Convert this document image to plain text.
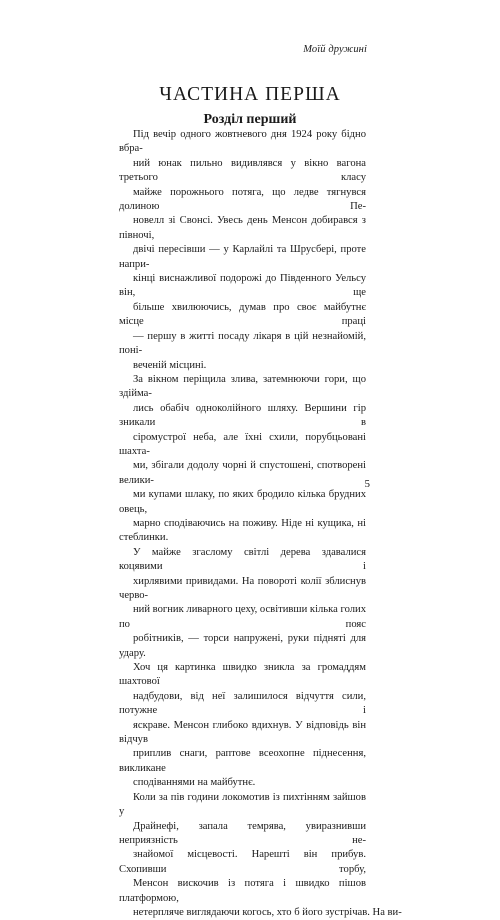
Моїй дружині
ЧАСТИНА ПЕРША
Розділ перший

Під вечір одного жовтневого дня 1924 року бідно вбра-
ний юнак пильно видивлявся у вікно вагона третього класу
майже порожнього потяга, що ледве тягнувся долиною Пе-
новелл зі Свонсі. Увесь день Менсон добирався з півночі,
двічі пересівши — у Карлайлі та Шрусбері, проте напри-
кінці виснажливої подорожі до Південного Уельсу він, ще
більше хвилюючись, думав про своє майбутнє місце праці
— першу в житті посаду лікаря в цій незнайомій, поні-
веченій місцині.

За вікном періщила злива, затемнюючи гори, що здійма-
лись обабіч одноколійного шляху. Вершини гір зникали в
сіромустрої неба, але їхні схили, порубцьовані шахта-
ми, збігали додолу чорні й спустошені, спотворені велики-
ми купами шлаку, по яких бродило кілька брудних овець,
марно сподіваючись на поживу. Ніде ні кущика, ні стеблинки.
У майже згаслому світлі дерева здавалися коцявими і
хирлявими привидами. На повороті колії зблиснув черво-
ний вогник ливарного цеху, освітивши кілька голих по пояс
робітників, — торси напружені, руки підняті для удару.
Хоч ця картинка швидко зникла за громаддям шахтової
надбудови, від неї залишилося відчуття сили, потужне і
яскраве. Менсон глибоко вдихнув. У відповідь він відчув
приплив снаги, раптове всеохопне піднесення, викликане
сподіваннями на майбутнє.

Коли за пів години локомотив із пихтінням зайшов у
Драйнефі, запала темрява, увиразнивши неприязність не-
знайомої місцевості. Нарешті він прибув. Схопивши торбу,
Менсон вискочив із потяга і швидко пішов платформою,
нетерпляче виглядаючи когось, хто б його зустрічав. На ви-

5
